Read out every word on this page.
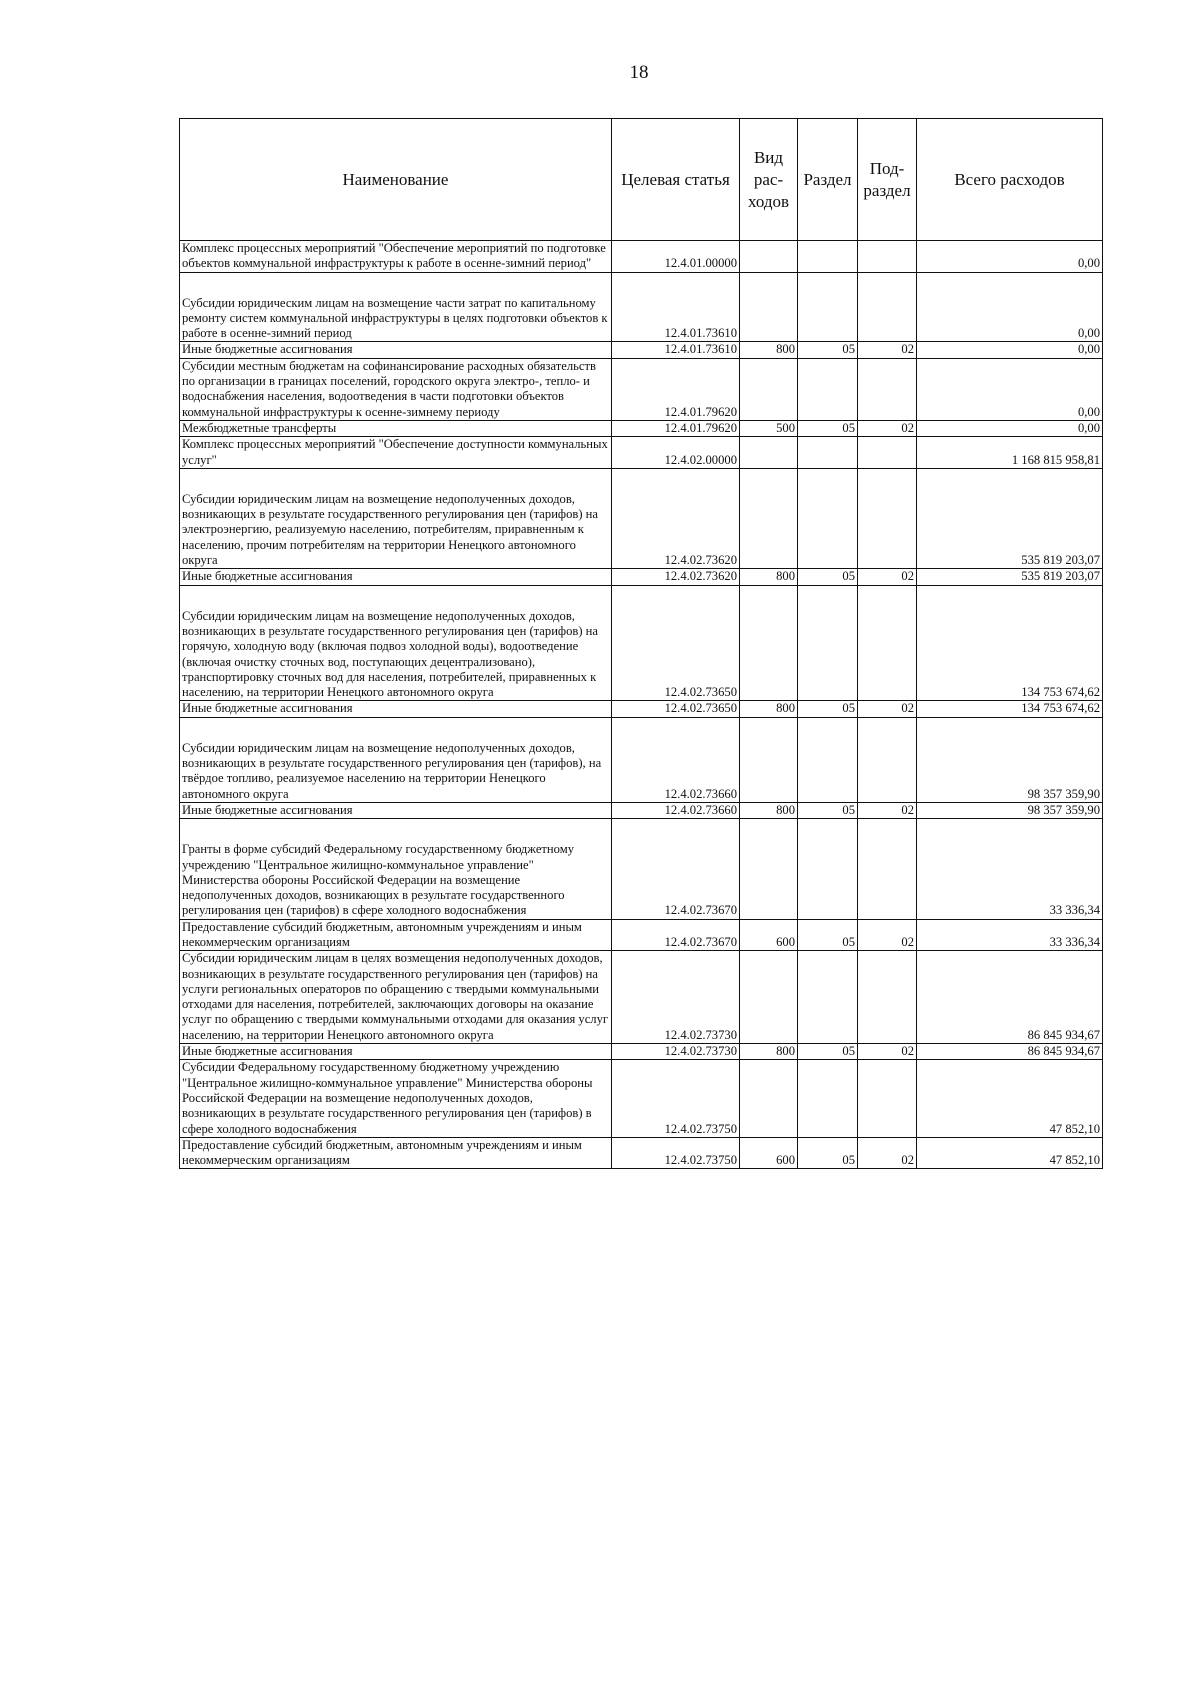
18
Наименование	Целевая статья	Вид рас-ходов	Раздел	Под-раздел	Всего расходов
Комплекс процессных мероприятий "Обеспечение мероприятий по подготовке объектов коммунальной инфраструктуры к работе в осенне-зимний период"	12.4.01.00000				0,00
Субсидии юридическим лицам на возмещение части затрат по капитальному ремонту систем коммунальной инфраструктуры в целях подготовки объектов к работе в осенне-зимний период	12.4.01.73610				0,00
Иные бюджетные ассигнования	12.4.01.73610	800	05	02	0,00
Субсидии местным бюджетам на софинансирование расходных обязательств по организации в границах поселений, городского округа электро-, тепло- и водоснабжения населения, водоотведения в части подготовки объектов коммунальной инфраструктуры к осенне-зимнему периоду	12.4.01.79620				0,00
Межбюджетные трансферты	12.4.01.79620	500	05	02	0,00
Комплекс процессных мероприятий "Обеспечение доступности коммунальных услуг"	12.4.02.00000				1 168 815 958,81
Субсидии юридическим лицам на возмещение недополученных доходов, возникающих в результате государственного регулирования цен (тарифов) на электроэнергию, реализуемую населению, потребителям, приравненным к населению, прочим потребителям на территории Ненецкого автономного округа	12.4.02.73620				535 819 203,07
Иные бюджетные ассигнования	12.4.02.73620	800	05	02	535 819 203,07
Субсидии юридическим лицам на возмещение недополученных доходов, возникающих в результате государственного регулирования цен (тарифов) на горячую, холодную воду (включая подвоз холодной воды), водоотведение (включая очистку сточных вод, поступающих децентрализовано), транспортировку сточных вод для населения, потребителей, приравненных к населению, на территории Ненецкого автономного округа	12.4.02.73650				134 753 674,62
Иные бюджетные ассигнования	12.4.02.73650	800	05	02	134 753 674,62
Субсидии юридическим лицам на возмещение недополученных доходов, возникающих в результате государственного регулирования цен (тарифов), на твёрдое топливо, реализуемое населению на территории Ненецкого автономного округа	12.4.02.73660				98 357 359,90
Иные бюджетные ассигнования	12.4.02.73660	800	05	02	98 357 359,90
Гранты в форме субсидий Федеральному государственному бюджетному учреждению "Центральное жилищно-коммунальное управление" Министерства обороны Российской Федерации на возмещение недополученных доходов, возникающих в результате государственного регулирования цен (тарифов) в сфере холодного водоснабжения	12.4.02.73670				33 336,34
Предоставление субсидий бюджетным, автономным учреждениям и иным некоммерческим организациям	12.4.02.73670	600	05	02	33 336,34
Субсидии юридическим лицам в целях возмещения недополученных доходов, возникающих в результате государственного регулирования цен (тарифов) на услуги региональных операторов по обращению с твердыми коммунальными отходами для населения, потребителей, заключающих договоры на оказание услуг по обращению с твердыми коммунальными отходами для оказания услуг населению, на территории Ненецкого автономного округа	12.4.02.73730				86 845 934,67
Иные бюджетные ассигнования	12.4.02.73730	800	05	02	86 845 934,67
Субсидии Федеральному государственному бюджетному учреждению "Центральное жилищно-коммунальное управление" Министерства обороны Российской Федерации на возмещение недополученных доходов, возникающих в результате государственного регулирования цен (тарифов) в сфере холодного водоснабжения	12.4.02.73750				47 852,10
Предоставление субсидий бюджетным, автономным учреждениям и иным некоммерческим организациям	12.4.02.73750	600	05	02	47 852,10
